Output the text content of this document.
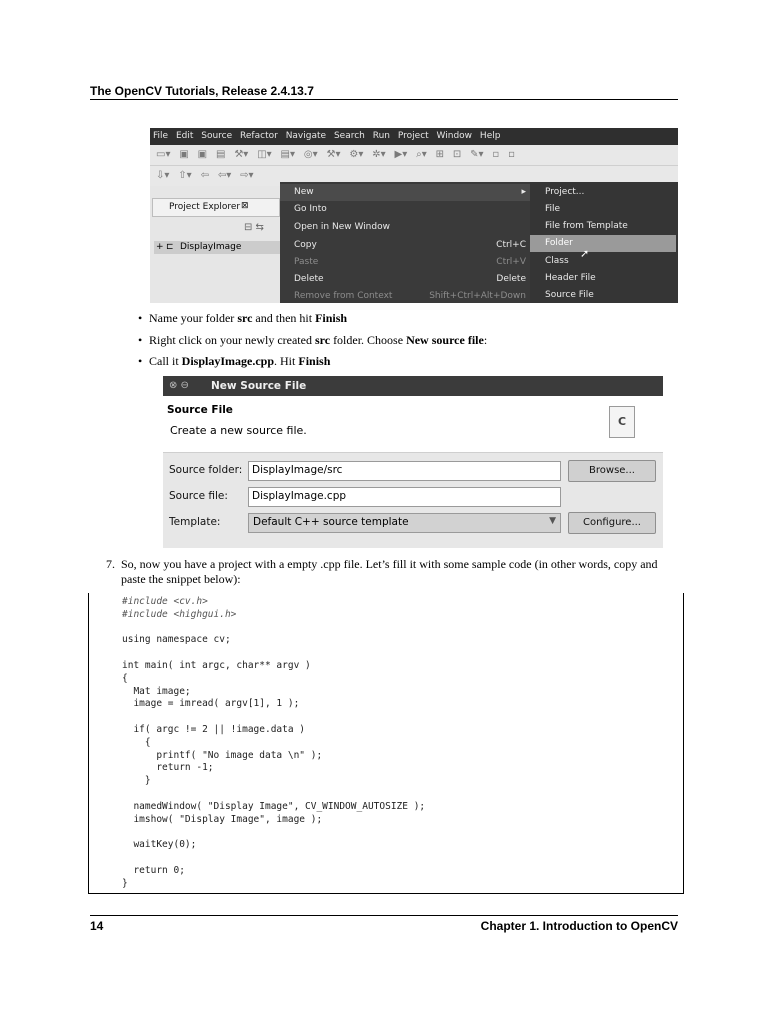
The OpenCV Tutorials, Release 2.4.13.7
File Edit Source Refactor Navigate Search Run Project Window Help
▭▾ ▣ ▣ ▤ ⚒▾ ◫▾ ▤▾ ◎▾ ⚒▾ ⚙▾ ✲▾ ▶▾ ⌕▾ ⊞ ⊡ ✎▾ ▫ ▫
⇩▾ ⇧▾ ⇦ ⇦▾ ⇨▾
Project Explorer ⊠
⊟ ⇆
+ ⊏ DisplayImage
New	▸
Go Into
Open in New Window
Copy	Ctrl+C
Paste	Ctrl+V
Delete	Delete
Remove from Context	Shift+Ctrl+Alt+Down
Project...
File
File from Template
Folder
Class
Header File
Source File
➚
• Name your folder src and then hit Finish
• Right click on your newly created src folder. Choose New source file:
• Call it DisplayImage.cpp. Hit Finish
⊗ ⊖ New Source File
Source File
Create a new source file.
C
Source folder: DisplayImage/src	Browse...
Source file: DisplayImage.cpp
Template:	Default C++ source template	▼	Configure...
7. So, now you have a project with a empty .cpp file. Let’s fill it with some sample code (in other words, copy and paste the snippet below):
#include <cv.h>
#include <highgui.h>

using namespace cv;

int main( int argc, char** argv )
{
Mat image;
image = imread( argv[1], 1 );

if( argc != 2 || !image.data )
{
printf( "No image data \n" );
return -1;
}

namedWindow( "Display Image", CV_WINDOW_AUTOSIZE );
imshow( "Display Image", image );

waitKey(0);

return 0;
}
14	Chapter 1. Introduction to OpenCV
